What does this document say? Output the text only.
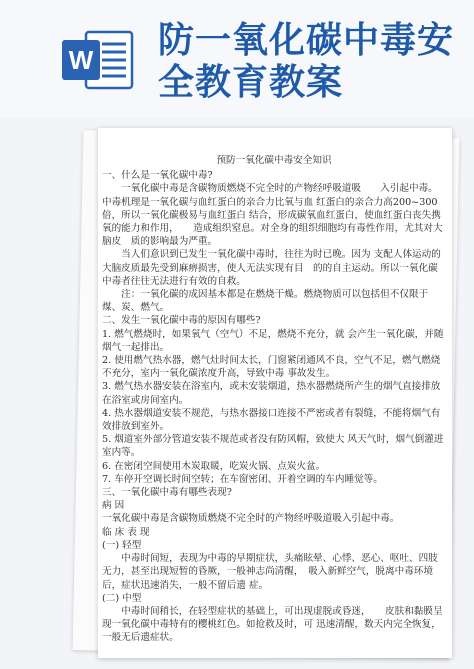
W 防一氧化碳中毒安
全教育教案
预防一氧化碳中毒安全知识

一、什么是一氧化碳中毒?

　　一氧化碳中毒是含碳物质燃烧不完全时的产物经呼吸道吸　　入引起中毒。中毒机理是一氧化碳与血红蛋白的亲合力比氧与血 红蛋白的亲合力高200~300 倍，所以一氧化碳极易与血红蛋白 结合，形成碳氧血红蛋白，使血红蛋白丧失携氧的能力和作用，　　造成组织窒息。对全身的组织细胞均有毒性作用，尤其对大脑皮　质的影响最为严重。

　　当人们意识到已发生一氧化碳中毒时，往往为时已晚。因为 支配人体运动的大脑皮质最先受到麻痹损害，使人无法实现有目　的的自主运动。所以一氧化碳中毒者往往无法进行有效的自救。

　　注：一氧化碳的成因基本都是在燃烧干燥。燃烧物质可以包括但不仅限于煤、炭、燃气。

二、发生一氧化碳中毒的原因有哪些?

1. 燃气燃烧时，如果氧气（空气）不足，燃烧不充分，就 会产生一氧化碳，并随烟气一起排出。

2. 使用燃气热水器，燃气灶时间太长，门窗紧闭通风不良，空气不足，燃气燃烧不充分，室内一氧化碳浓度升高，导致中毒 事故发生。

3. 燃气热水器安装在浴室内，或未安装烟道，热水器燃烧所产生的烟气直接排放在浴室或房间室内。

4. 热水器烟道安装不规范，与热水器接口连接不严密或者有裂缝，不能将烟气有效排放到室外。

5. 烟道室外部分管道安装不规范或者没有防风帽，致使大 风天气时，烟气倒灌进室内等。

6. 在密闭空间使用木炭取暖，吃炭火锅、点炭火盆。

7. 车停开空调长时间空转；在车窗密闭、开着空调的车内睡觉等。

三、一氧化碳中毒有哪些表现?

病 因

一氧化碳中毒是含碳物质燃烧不完全时的产物经呼吸道吸入引起中毒。

临 床 表 现

(一) 轻型

　　中毒时间短，表现为中毒的早期症状，头痛眩晕、心悸、恶心、呕吐、四肢无力，甚至出现短暂的昏厥，一般神志尚清醒，　吸入新鲜空气，脱离中毒环境后，症状迅速消失，一般不留后遗 症。

(二) 中型

　　中毒时间稍长，在轻型症状的基础上，可出现虚脱或昏迷，　　皮肤和黏膜呈现一氧化碳中毒特有的樱桃红色。如抢救及时，可 迅速清醒，数天内完全恢复，一般无后遗症状。
